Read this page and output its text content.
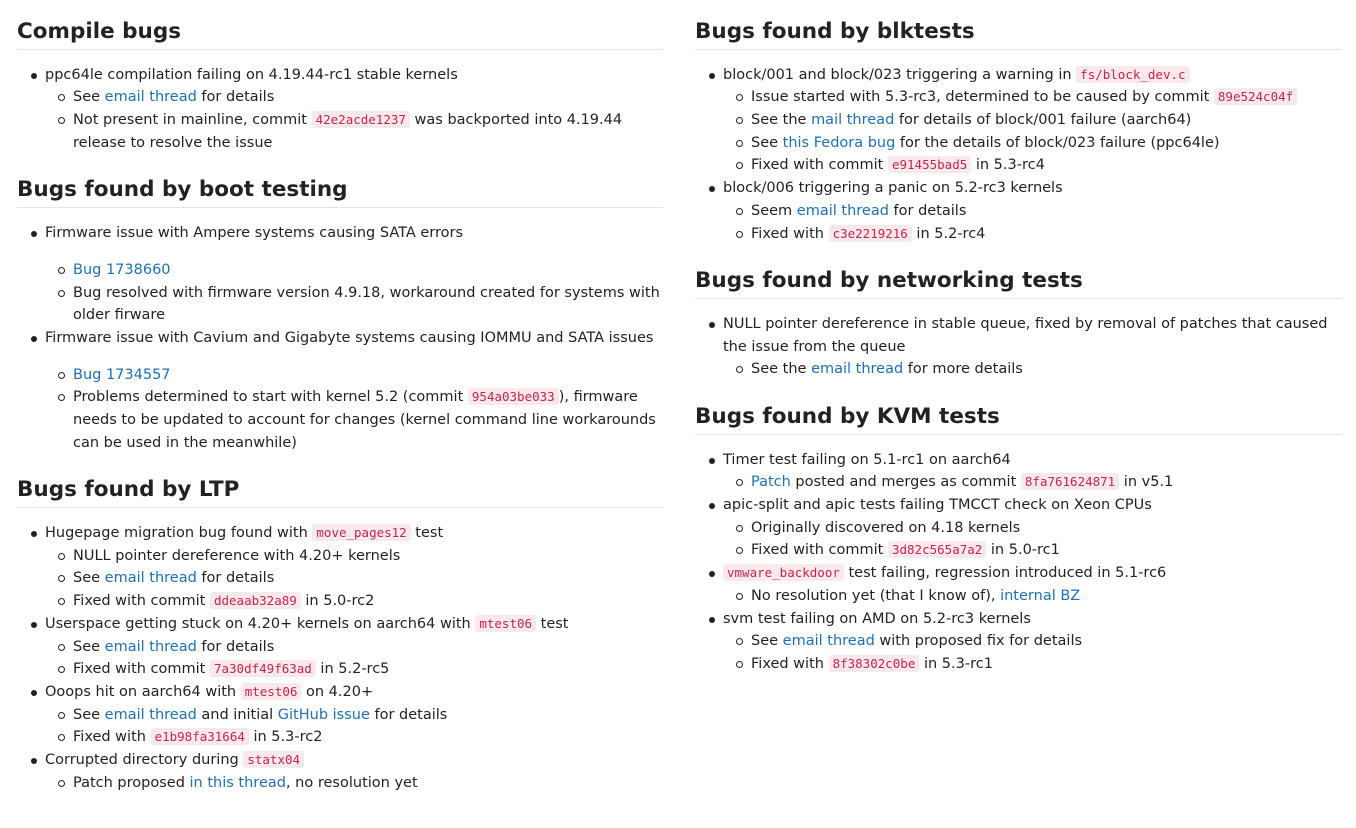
Compile bugs
ppc64le compilation failing on 4.19.44-rc1 stable kernels
See email thread for details
Not present in mainline, commit 42e2acde1237 was backported into 4.19.44 release to resolve the issue
Bugs found by boot testing
Firmware issue with Ampere systems causing SATA errors
Bug 1738660
Bug resolved with firmware version 4.9.18, workaround created for systems with older firware
Firmware issue with Cavium and Gigabyte systems causing IOMMU and SATA issues
Bug 1734557
Problems determined to start with kernel 5.2 (commit 954a03be033 ), firmware needs to be updated to account for changes (kernel command line workarounds can be used in the meanwhile)
Bugs found by LTP
Hugepage migration bug found with move_pages12 test
NULL pointer dereference with 4.20+ kernels
See email thread for details
Fixed with commit ddeaab32a89 in 5.0-rc2
Userspace getting stuck on 4.20+ kernels on aarch64 with mtest06 test
See email thread for details
Fixed with commit 7a30df49f63ad in 5.2-rc5
Ooops hit on aarch64 with mtest06 on 4.20+
See email thread and initial GitHub issue for details
Fixed with e1b98fa31664 in 5.3-rc2
Corrupted directory during statx04
Patch proposed in this thread, no resolution yet
Bugs found by blktests
block/001 and block/023 triggering a warning in fs/block_dev.c
Issue started with 5.3-rc3, determined to be caused by commit 89e524c04f
See the mail thread for details of block/001 failure (aarch64)
See this Fedora bug for the details of block/023 failure (ppc64le)
Fixed with commit e91455bad5 in 5.3-rc4
block/006 triggering a panic on 5.2-rc3 kernels
Seem email thread for details
Fixed with c3e2219216 in 5.2-rc4
Bugs found by networking tests
NULL pointer dereference in stable queue, fixed by removal of patches that caused the issue from the queue
See the email thread for more details
Bugs found by KVM tests
Timer test failing on 5.1-rc1 on aarch64
Patch posted and merges as commit 8fa761624871 in v5.1
apic-split and apic tests failing TMCCT check on Xeon CPUs
Originally discovered on 4.18 kernels
Fixed with commit 3d82c565a7a2 in 5.0-rc1
vmware_backdoor test failing, regression introduced in 5.1-rc6
No resolution yet (that I know of), internal BZ
svm test failing on AMD on 5.2-rc3 kernels
See email thread with proposed fix for details
Fixed with 8f38302c0be in 5.3-rc1
